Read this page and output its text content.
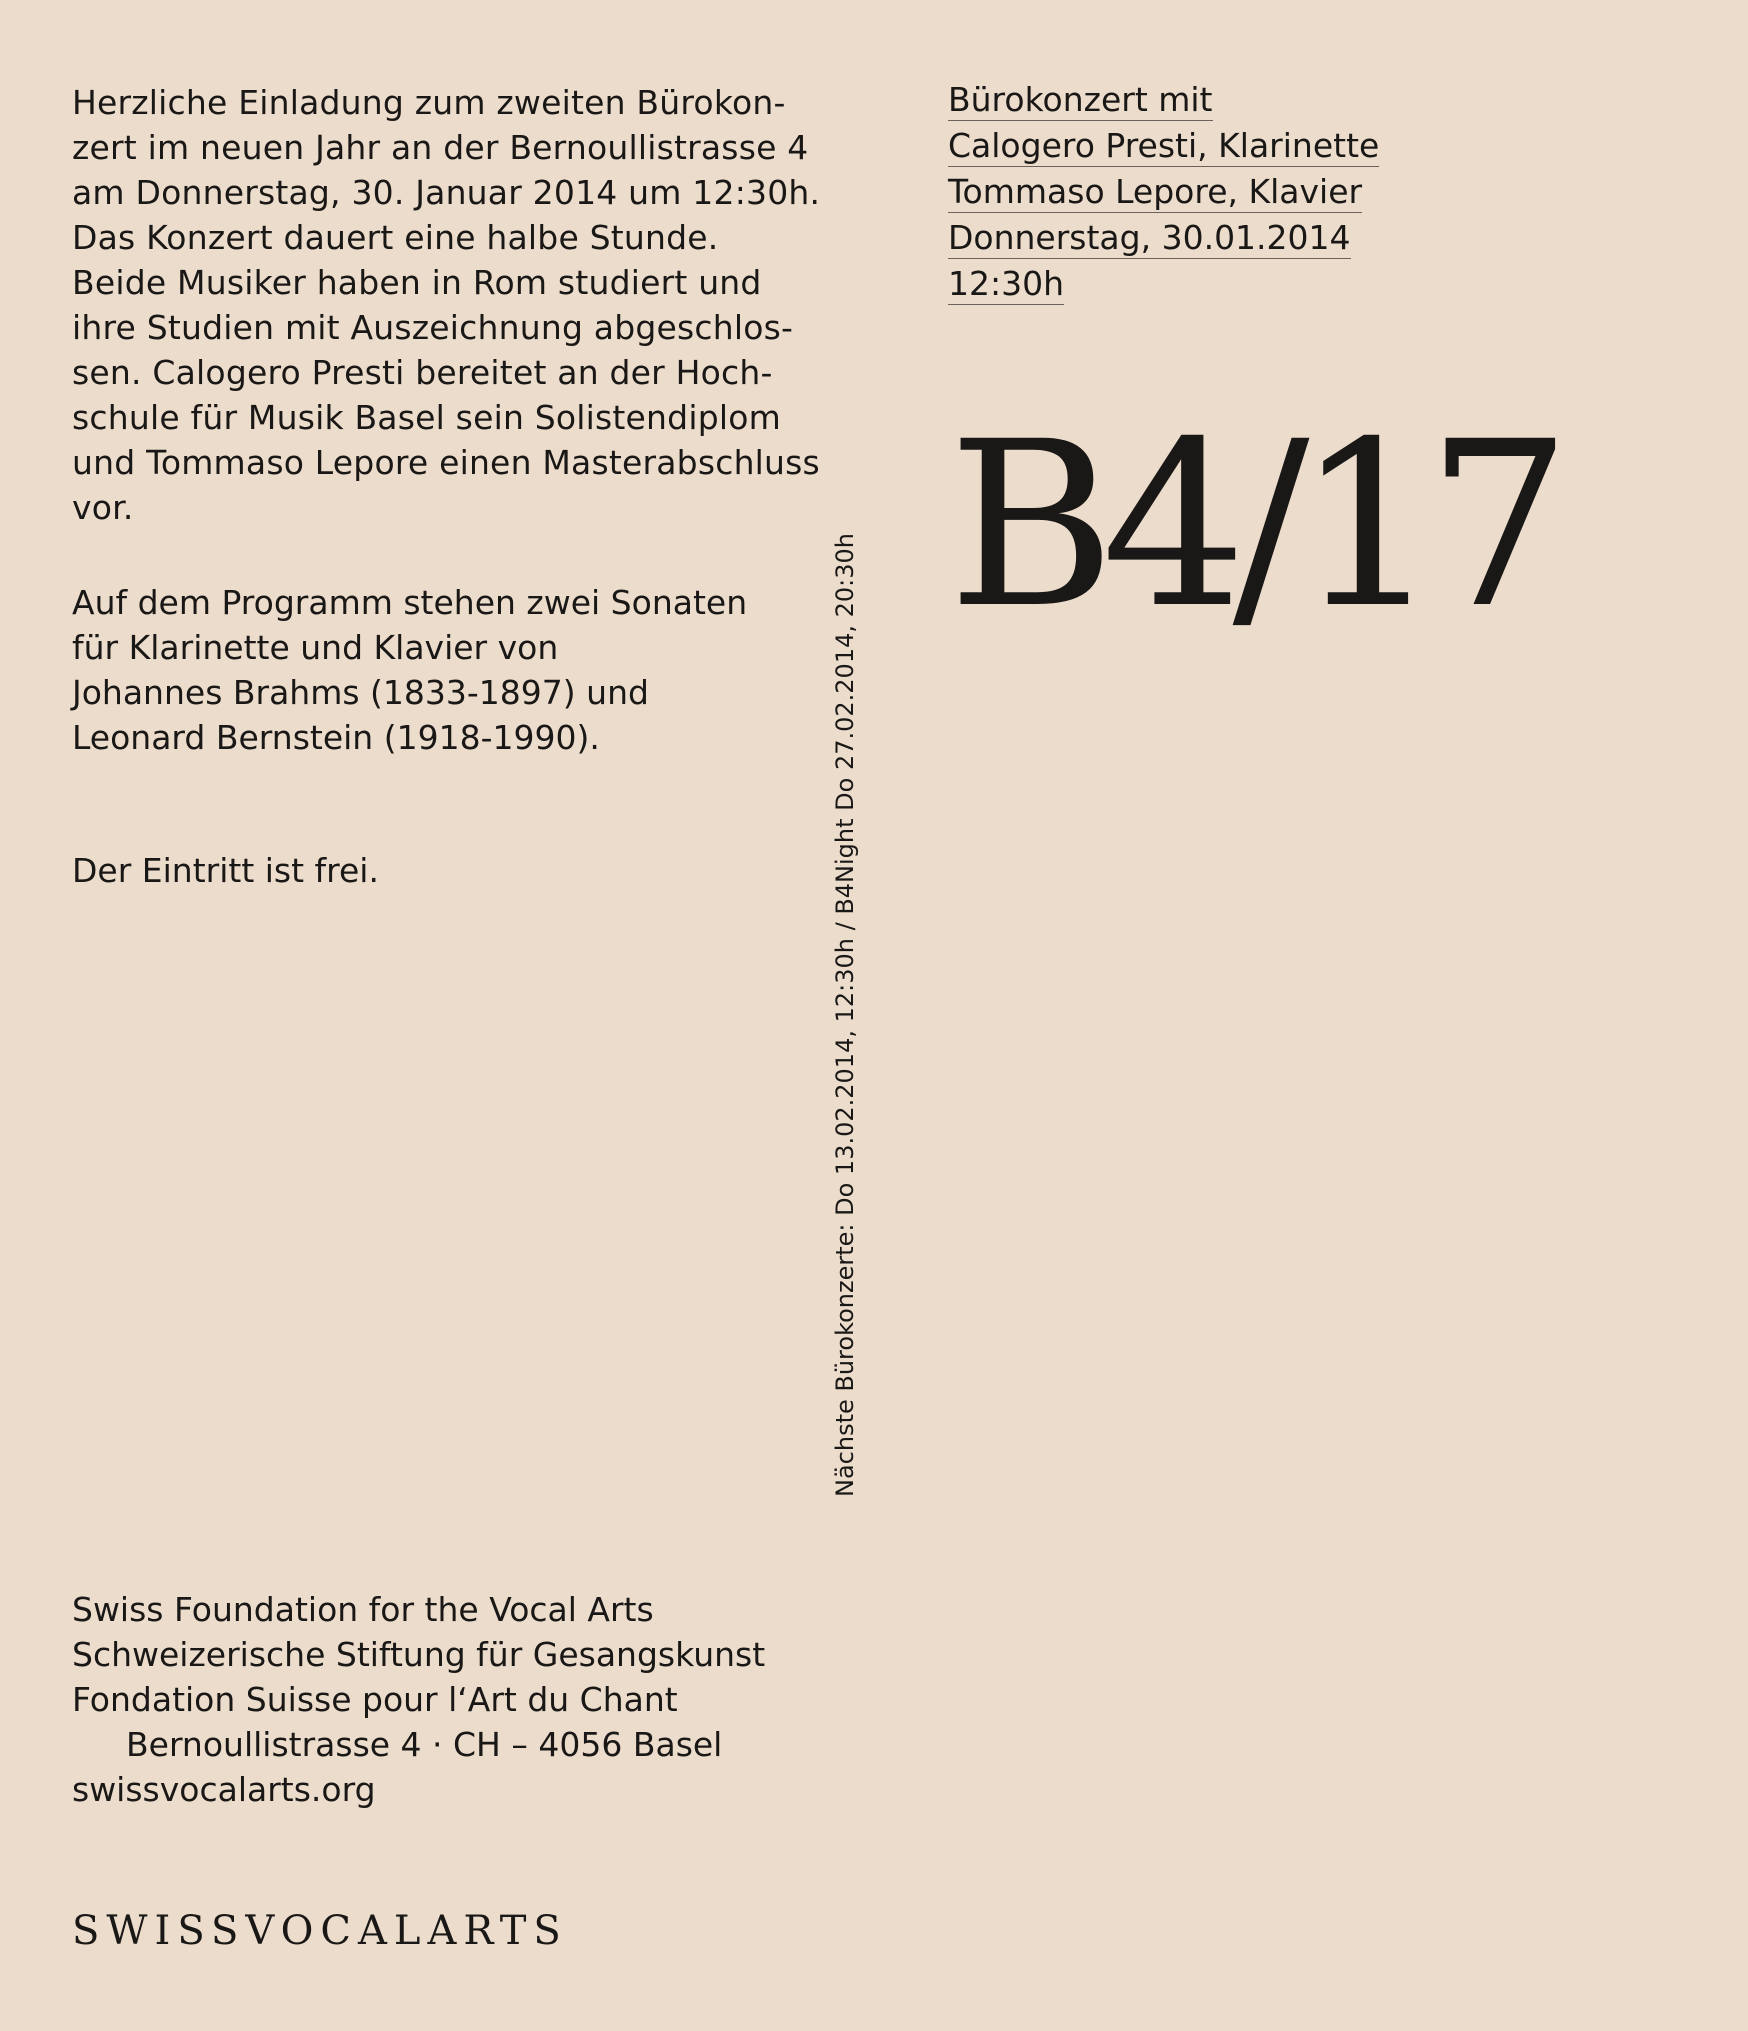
Herzliche Einladung zum zweiten Bürokon-
zert im neuen Jahr an der Bernoullistrasse 4
am Donnerstag, 30. Januar 2014 um 12:30h.
Das Konzert dauert eine halbe Stunde.
Beide Musiker haben in Rom studiert und
ihre Studien mit Auszeichnung abgeschlos-
sen. Calogero Presti bereitet an der Hoch-
schule für Musik Basel sein Solistendiplom
und Tommaso Lepore einen Masterabschluss
vor.
Auf dem Programm stehen zwei Sonaten
für Klarinette und Klavier von
Johannes Brahms (1833-1897) und
Leonard Bernstein (1918-1990).
Der Eintritt ist frei.	Nächste Bürokonzerte: Do 13.02.2014, 12:30h / B4Night Do 27.02.2014, 20:30h
Bürokonzert mit
Calogero Presti, Klarinette
Tommaso Lepore, Klavier
Donnerstag, 30.01.2014
12:30h
B4/17
Swiss Foundation for the Vocal Arts
Schweizerische Stiftung für Gesangskunst
Fondation Suisse pour l‘Art du Chant
Bernoullistrasse 4 · CH – 4056 Basel
swissvocalarts.org
SWISSVOCALARTS
